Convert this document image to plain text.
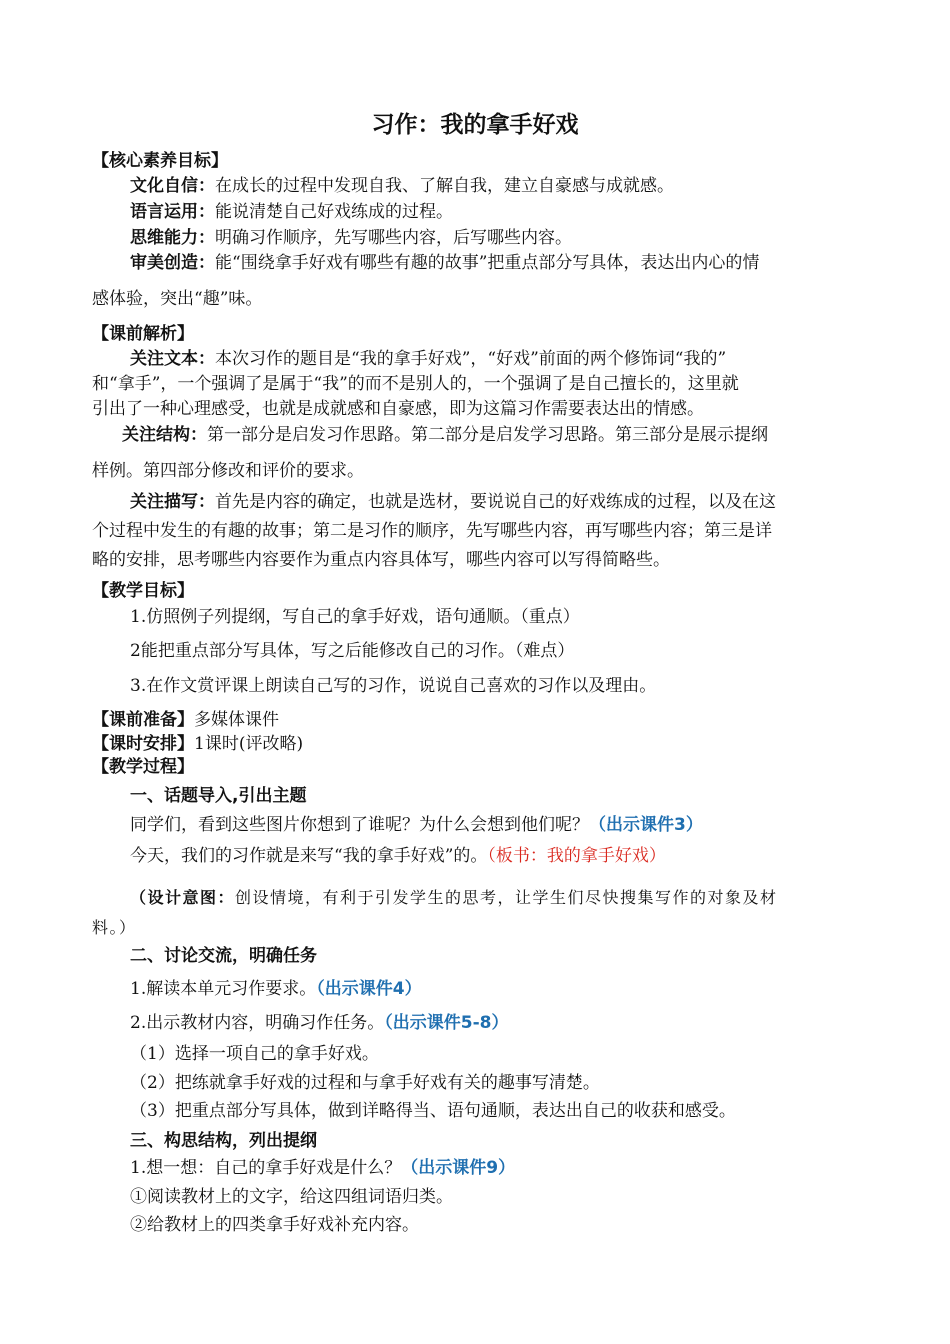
习作：我的拿手好戏
【核心素养目标】
文化自信：在成长的过程中发现自我、了解自我，建立自豪感与成就感。
语言运用：能说清楚自己好戏练成的过程。
思维能力：明确习作顺序，先写哪些内容，后写哪些内容。
审美创造：能“围绕拿手好戏有哪些有趣的故事”把重点部分写具体，表达出内心的情
感体验，突出“趣”味。
【课前解析】
关注文本：本次习作的题目是“我的拿手好戏”，“好戏”前面的两个修饰词“我的”
和“拿手”，一个强调了是属于“我”的而不是别人的，一个强调了是自己擅长的，这里就
引出了一种心理感受，也就是成就感和自豪感，即为这篇习作需要表达出的情感。
关注结构：第一部分是启发习作思路。第二部分是启发学习思路。第三部分是展示提纲
样例。第四部分修改和评价的要求。
关注描写：首先是内容的确定，也就是选材，要说说自己的好戏练成的过程，以及在这
个过程中发生的有趣的故事；第二是习作的顺序，先写哪些内容，再写哪些内容；第三是详
略的安排，思考哪些内容要作为重点内容具体写，哪些内容可以写得简略些。
【教学目标】
1.仿照例子列提纲，写自己的拿手好戏，语句通顺。（重点）
2能把重点部分写具体，写之后能修改自己的习作。（难点）
3.在作文赏评课上朗读自己写的习作，说说自己喜欢的习作以及理由。
【课前准备】多媒体课件
【课时安排】1课时(评改略)
【教学过程】
一、话题导入,引出主题
同学们，看到这些图片你想到了谁呢？为什么会想到他们呢？（出示课件3）
今天，我们的习作就是来写“我的拿手好戏”的。（板书：我的拿手好戏）
（设计意图：创设情境，有利于引发学生的思考，让学生们尽快搜集写作的对象及材
料。）
二、讨论交流，明确任务
1.解读本单元习作要求。（出示课件4）
2.出示教材内容，明确习作任务。（出示课件5-8）
（1）选择一项自己的拿手好戏。
（2）把练就拿手好戏的过程和与拿手好戏有关的趣事写清楚。
（3）把重点部分写具体，做到详略得当、语句通顺，表达出自己的收获和感受。
三、构思结构，列出提纲
1.想一想：自己的拿手好戏是什么？（出示课件9）
①阅读教材上的文字，给这四组词语归类。
②给教材上的四类拿手好戏补充内容。
